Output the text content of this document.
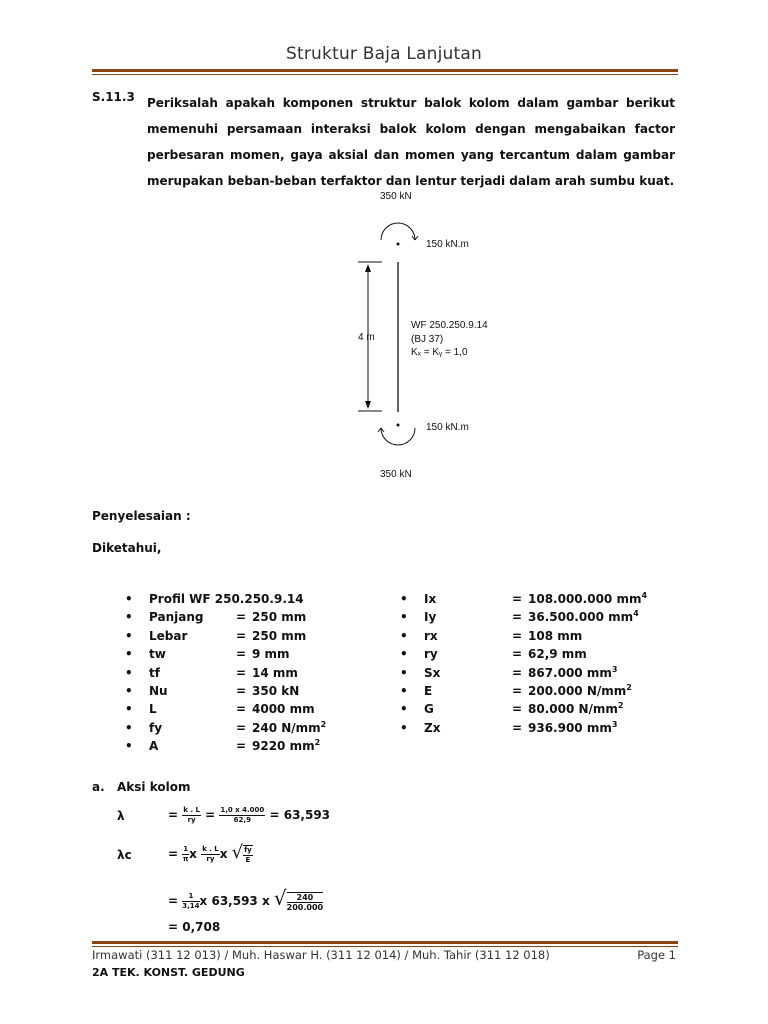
Struktur Baja Lanjutan
S.11.3 Periksalah apakah komponen struktur balok kolom dalam gambar berikut memenuhi persamaan interaksi balok kolom dengan mengabaikan factor perbesaran momen, gaya aksial dan momen yang tercantum dalam gambar merupakan beban-beban terfaktor dan lentur terjadi dalam arah sumbu kuat.
350 kN
150 kN.m
4 m
WF 250.250.9.14
(BJ 37)
Kₓ = Kᵧ = 1,0
150 kN.m
350 kN
Penyelesaian :
Diketahui,
• Profil WF 250.250.9.14
• Panjang	= 250 mm
• Lebar	= 250 mm
• tw	= 9 mm
• tf	= 14 mm
• Nu	= 350 kN
• L	= 4000 mm
• fy	= 240 $N/mm^2$
• A	= 9220 $mm^2$
• Ix	= 108.000.000 $mm^4$
• Iy	= 36.500.000 $mm^4$
• rx	= 108 mm
• ry	= 62,9 mm
• Sx	= 867.000 $mm^3$
• E	= 200.000 $N/mm^2$
• G	= 80.000 $N/mm^2$
• Zx	= 936.900 $mm^3$
a. Aksi kolom
λ	= $\frac{k . L}{ry} = \frac{1,0 x 4.000}{62,9} = 63,593$
λc	= $\frac{1}{\pi}$ x $\frac{k . L}{ry}$ x √ $\frac{fy}{E}$
= $\frac{1}{3,14}$ x 63,593 x √ $\frac{240}{200.000}$
= 0,708
Irmawati (311 12 013) / Muh. Haswar H. (311 12 014) / Muh. Tahir (311 12 018)	Page 1
2A TEK. KONST. GEDUNG
